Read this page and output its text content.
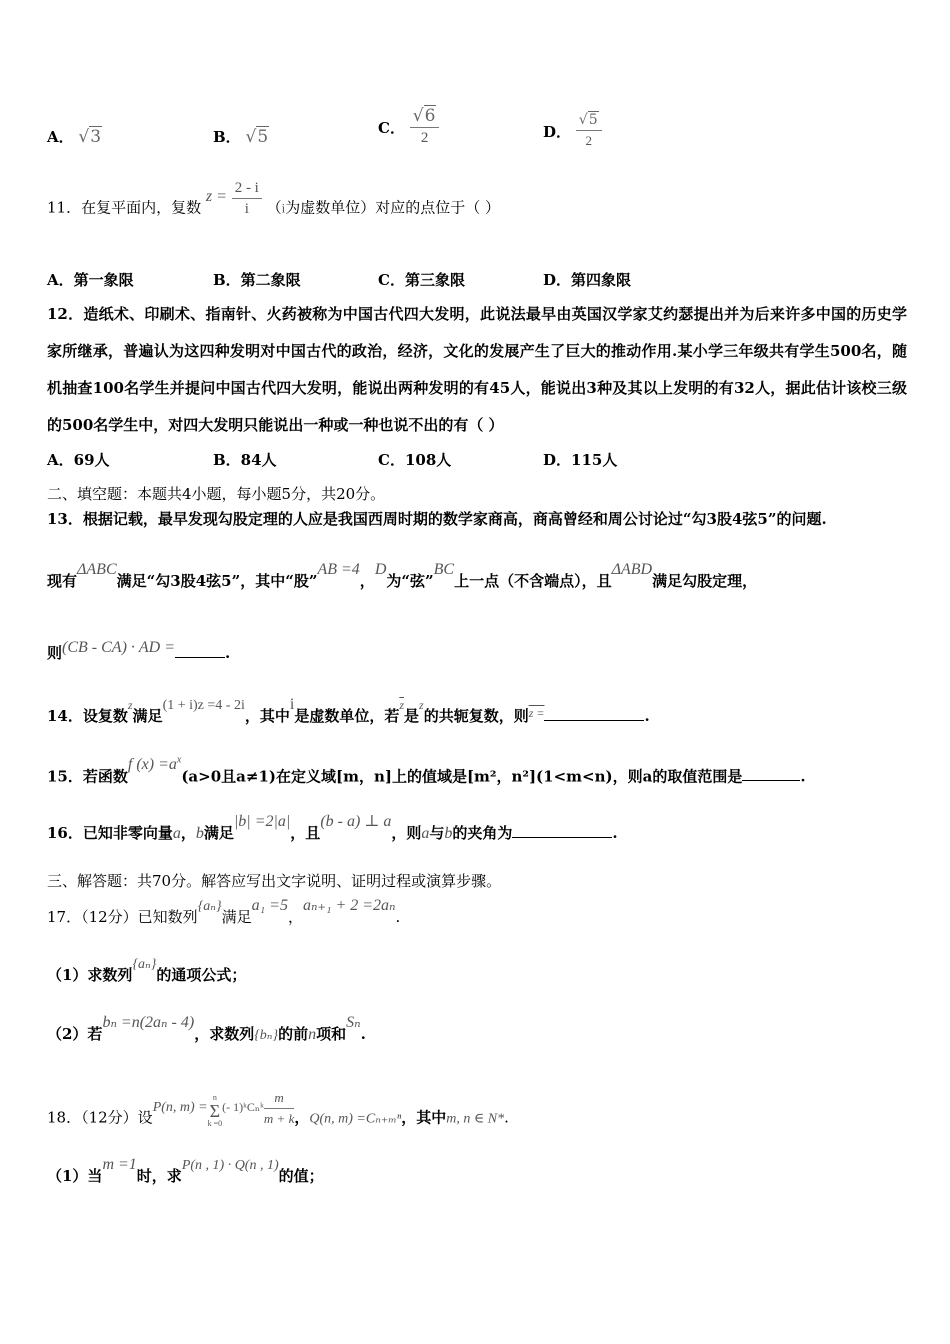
A． √3	B． √5	C． $\frac{√6}{2}$	D． $\frac{√5}{2}$
11．在复平面内，复数 $z = \frac{2 - i}{i} (i$为虚数单位）对应的点位于（ ）
A．第一象限	B．第二象限	C．第三象限	D．第四象限
12．造纸术、印刷术、指南针、火药被称为中国古代四大发明，此说法最早由英国汉学家艾约瑟提出并为后来许多中国的历史学家所继承，普遍认为这四种发明对中国古代的政治，经济，文化的发展产生了巨大的推动作用.某小学三年级共有学生500名，随机抽查100名学生并提问中国古代四大发明，能说出两种发明的有45人，能说出3种及其以上发明的有32人，据此估计该校三级的500名学生中，对四大发明只能说出一种或一种也说不出的有（ ）
A．69人	B．84人	C．108人	D．115人
二、填空题：本题共4小题，每小题5分，共20分。
13．根据记载，最早发现勾股定理的人应是我国西周时期的数学家商高，商高曾经和周公讨论过“勾3股4弦5”的问题.
现有ΔABC满足“勾3股4弦5”，其中“股”AB =4，D为“弦”BC上一点（不含端点），且ΔABD满足勾股定理，
则(CB - CA) · AD =	.
14．设复数$^z$满足(1 + i)z =4 - 2i，其中i是虚数单位，若$^{\overline{z}}$是$^z$的共轭复数，则$^{z =}$	.
15．若函数f $(x) =a^x(a>0$且a≠1)在定义域[m，n]上的值域是[m²，n²](1<m<n)，则a的取值范围是	.
16．已知非零向量a，b满足|b| =2|a|，且(b - a) ⊥ a，则a与b的夹角为	.
三、解答题：共70分。解答应写出文字说明、证明过程或演算步骤。
17．（12分）已知数列{aₙ}满足a₁ =5，aₙ₊₁ + 2 =2aₙ.
（1）求数列{aₙ}的通项公式；
（2）若bₙ =n(2aₙ - 4)，求数列{bₙ}的前n项和Sₙ.
18．（12分）设P(n, m) =
n
Σ
k =0
$^{(- 1)ᵏC_nᵏ} \frac{m}{m + k}$ ，Q(n, m) =Cₙ₊ₘⁿ，其中m, n ∈ N*.
（1）当m =1时，求P(n , 1) · Q(n , 1)的值；
